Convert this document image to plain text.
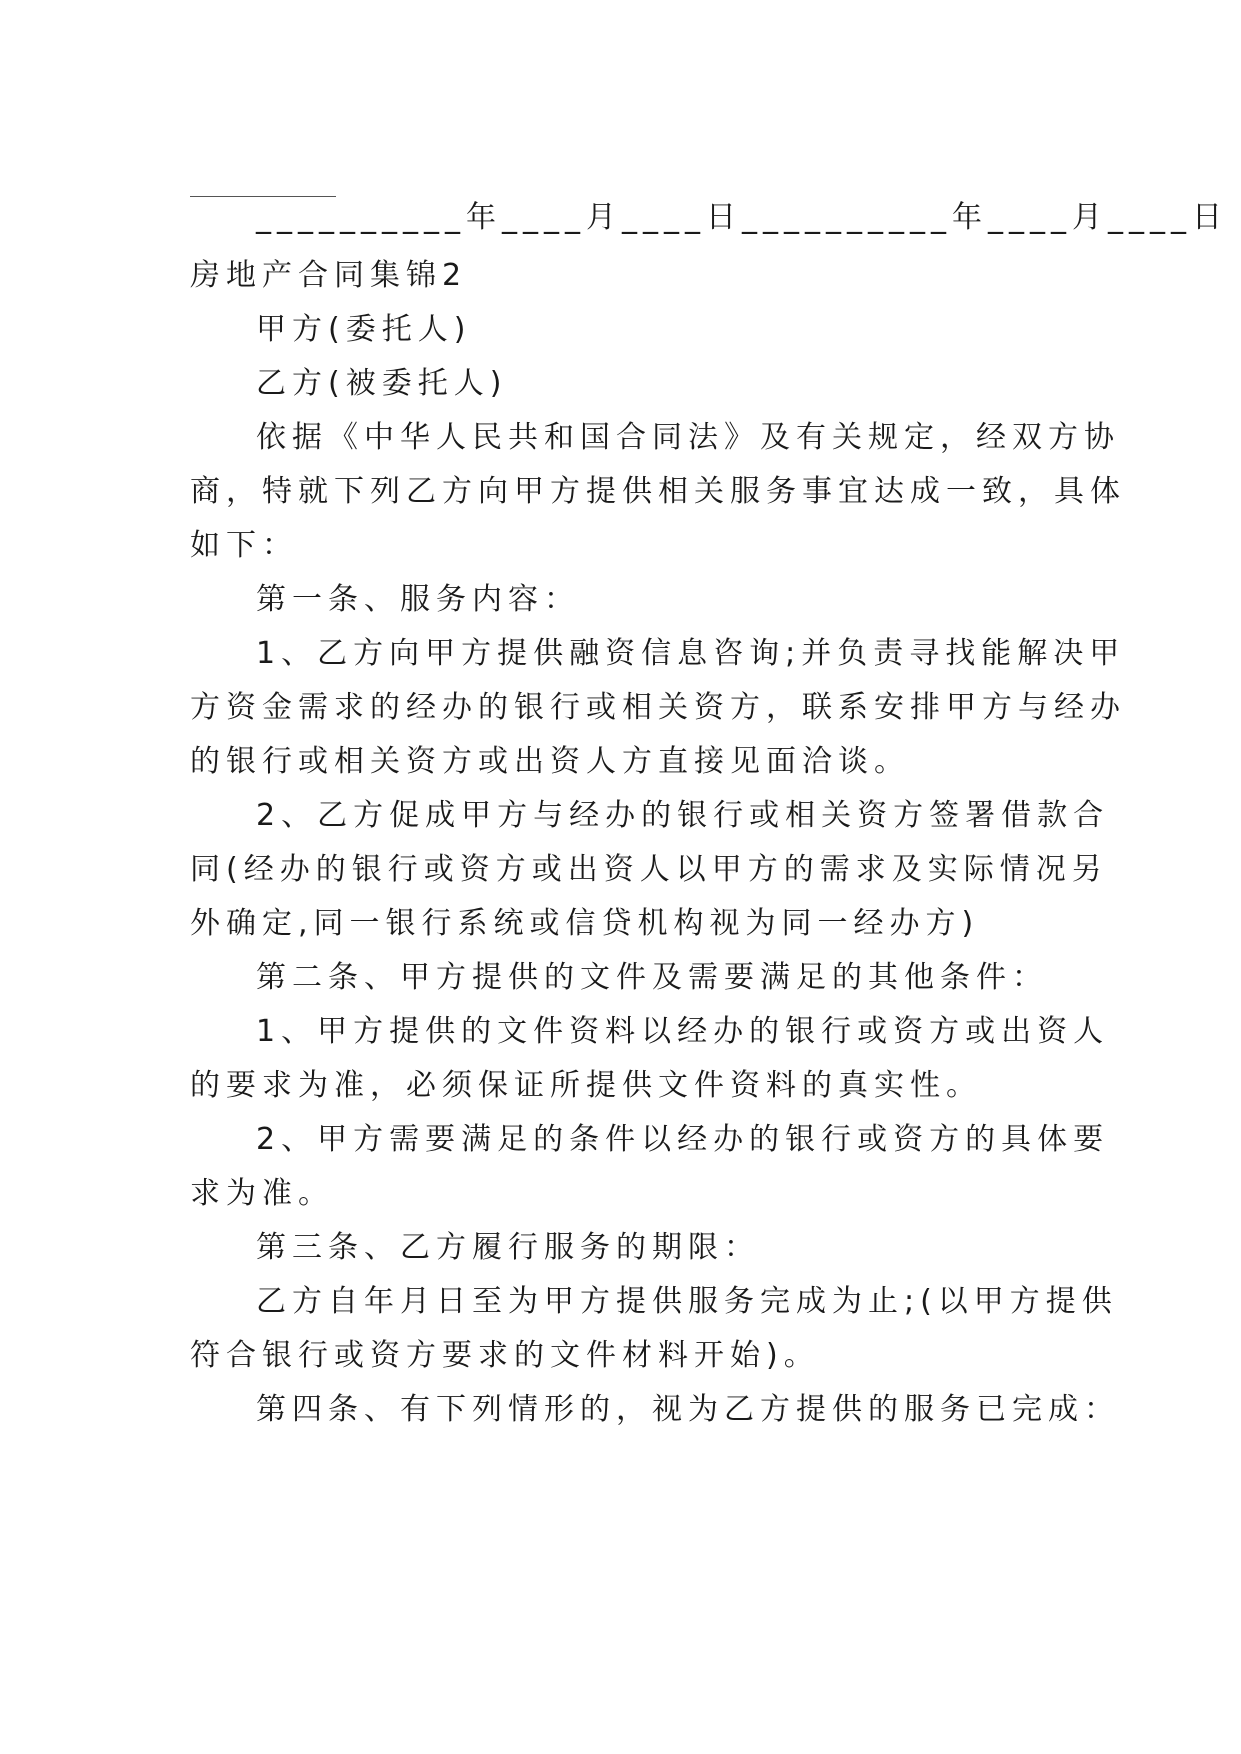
__________年____月____日__________年____月____日
房地产合同集锦2
甲方(委托人)
乙方(被委托人)
依据《中华人民共和国合同法》及有关规定，经双方协
商，特就下列乙方向甲方提供相关服务事宜达成一致，具体
如下：
第一条、服务内容：
1、乙方向甲方提供融资信息咨询;并负责寻找能解决甲
方资金需求的经办的银行或相关资方，联系安排甲方与经办
的银行或相关资方或出资人方直接见面洽谈。
2、乙方促成甲方与经办的银行或相关资方签署借款合
同(经办的银行或资方或出资人以甲方的需求及实际情况另
外确定,同一银行系统或信贷机构视为同一经办方)
第二条、甲方提供的文件及需要满足的其他条件：
1、甲方提供的文件资料以经办的银行或资方或出资人
的要求为准，必须保证所提供文件资料的真实性。
2、甲方需要满足的条件以经办的银行或资方的具体要
求为准。
第三条、乙方履行服务的期限：
乙方自年月日至为甲方提供服务完成为止;(以甲方提供
符合银行或资方要求的文件材料开始)。
第四条、有下列情形的，视为乙方提供的服务已完成：
